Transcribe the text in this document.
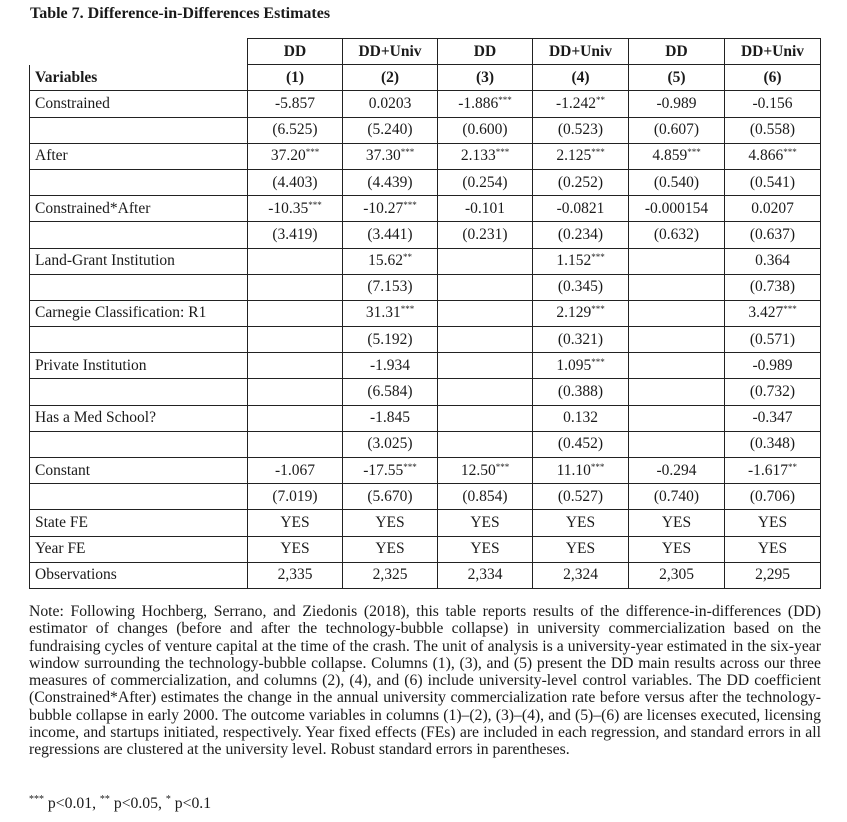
Table 7. Difference-in-Differences Estimates
	DD	DD+Univ	DD	DD+Univ	DD	DD+Univ
Variables	(1)	(2)	(3)	(4)	(5)	(6)
Constrained	-5.857	0.0203	-1.886***	-1.242**	-0.989	-0.156
	(6.525)	(5.240)	(0.600)	(0.523)	(0.607)	(0.558)
After	37.20***	37.30***	2.133***	2.125***	4.859***	4.866***
	(4.403)	(4.439)	(0.254)	(0.252)	(0.540)	(0.541)
Constrained*After	-10.35***	-10.27***	-0.101	-0.0821	-0.000154	0.0207
	(3.419)	(3.441)	(0.231)	(0.234)	(0.632)	(0.637)
Land-Grant Institution		15.62**		1.152***		0.364
		(7.153)		(0.345)		(0.738)
Carnegie Classification: R1		31.31***		2.129***		3.427***
		(5.192)		(0.321)		(0.571)
Private Institution		-1.934		1.095***		-0.989
		(6.584)		(0.388)		(0.732)
Has a Med School?		-1.845		0.132		-0.347
		(3.025)		(0.452)		(0.348)
Constant	-1.067	-17.55***	12.50***	11.10***	-0.294	-1.617**
	(7.019)	(5.670)	(0.854)	(0.527)	(0.740)	(0.706)
State FE	YES	YES	YES	YES	YES	YES
Year FE	YES	YES	YES	YES	YES	YES
Observations	2,335	2,325	2,334	2,324	2,305	2,295
Note: Following Hochberg, Serrano, and Ziedonis (2018), this table reports results of the difference-in-differences (DD) estimator of changes (before and after the technology-bubble collapse) in university commercialization based on the fundraising cycles of venture capital at the time of the crash. The unit of analysis is a university-year estimated in the six-year window surrounding the technology-bubble collapse. Columns (1), (3), and (5) present the DD main results across our three measures of commercialization, and columns (2), (4), and (6) include university-level control variables. The DD coefficient (Constrained*After) estimates the change in the annual university commercialization rate before versus after the technology-bubble collapse in early 2000. The outcome variables in columns (1)–(2), (3)–(4), and (5)–(6) are licenses executed, licensing income, and startups initiated, respectively. Year fixed effects (FEs) are included in each regression, and standard errors in all regressions are clustered at the university level. Robust standard errors in parentheses.
*** p<0.01, ** p<0.05, * p<0.1
